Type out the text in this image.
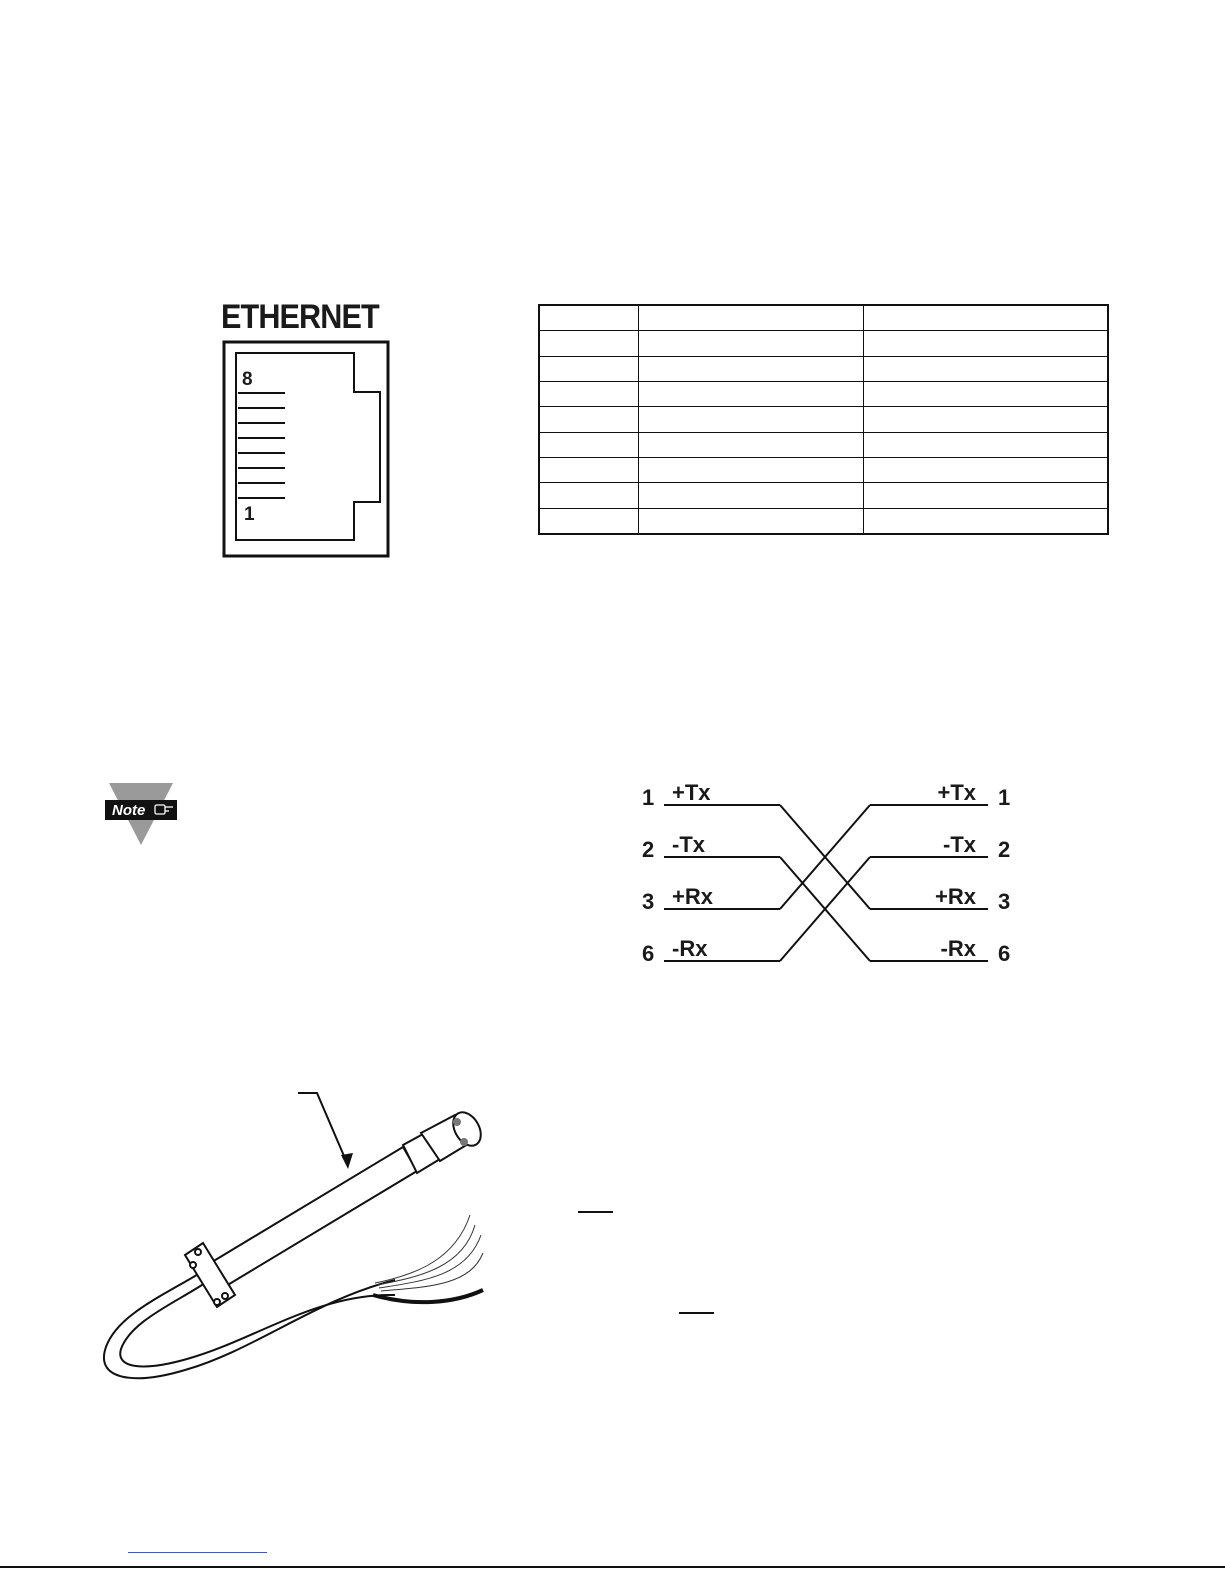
ETHERNET
8
1

Note
1 +Tx
2 -Tx
3 +Rx
6 -Rx
1
+Tx
2
-Tx
3
+Rx
6
-Rx
